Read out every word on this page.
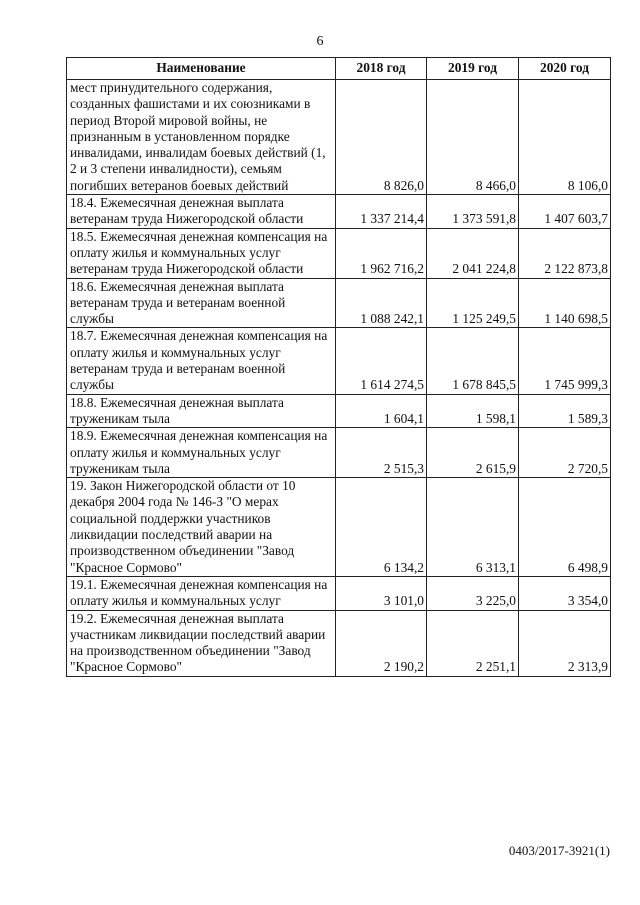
6
Наименование	2018 год	2019 год	2020 год
мест принудительного содержания, созданных фашистами и их союзниками в период Второй мировой войны, не признанным в установленном порядке инвалидами, инвалидам боевых действий (1, 2 и 3 степени инвалидности), семьям погибших ветеранов боевых действий	8 826,0	8 466,0	8 106,0
18.4. Ежемесячная денежная выплата ветеранам труда Нижегородской области	1 337 214,4	1 373 591,8	1 407 603,7
18.5. Ежемесячная денежная компенсация на оплату жилья и коммунальных услуг ветеранам труда Нижегородской области	1 962 716,2	2 041 224,8	2 122 873,8
18.6. Ежемесячная денежная выплата ветеранам труда и ветеранам военной службы	1 088 242,1	1 125 249,5	1 140 698,5
18.7. Ежемесячная денежная компенсация на оплату жилья и коммунальных услуг ветеранам труда и ветеранам военной службы	1 614 274,5	1 678 845,5	1 745 999,3
18.8. Ежемесячная денежная выплата труженикам тыла	1 604,1	1 598,1	1 589,3
18.9. Ежемесячная денежная компенсация на оплату жилья и коммунальных услуг труженикам тыла	2 515,3	2 615,9	2 720,5
19. Закон Нижегородской области от 10 декабря 2004 года № 146-З "О мерах социальной поддержки участников ликвидации последствий аварии на производственном объединении "Завод "Красное Сормово"	6 134,2	6 313,1	6 498,9
19.1. Ежемесячная денежная компенсация на оплату жилья и коммунальных услуг	3 101,0	3 225,0	3 354,0
19.2. Ежемесячная денежная выплата участникам ликвидации последствий аварии на производственном объединении "Завод "Красное Сормово"	2 190,2	2 251,1	2 313,9
0403/2017-3921(1)
